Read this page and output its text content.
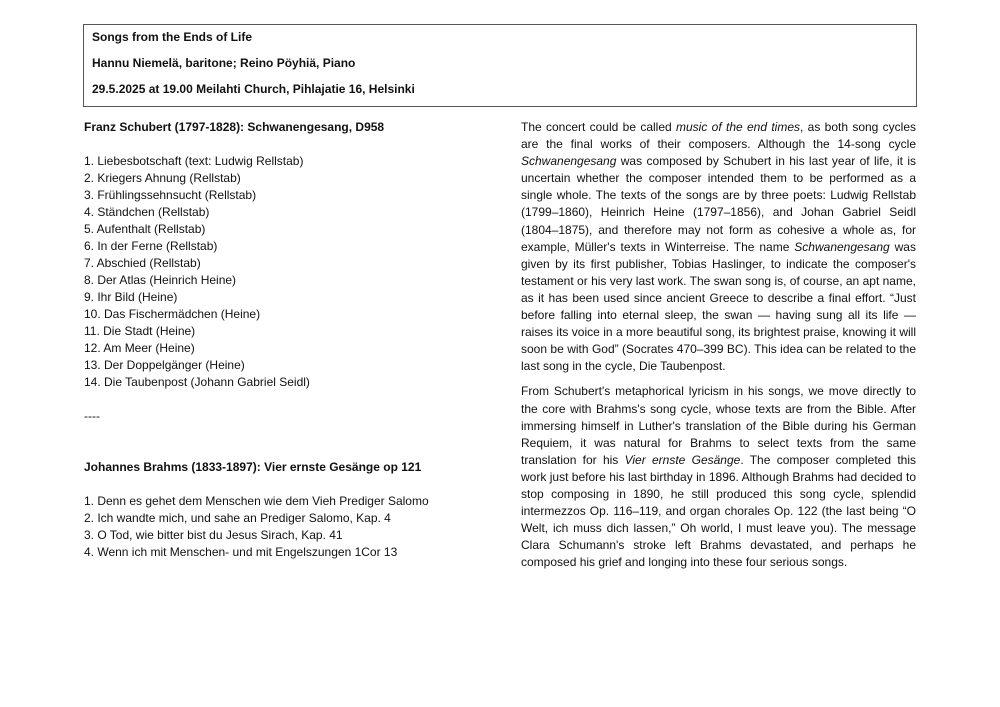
Songs from the Ends of Life
Hannu Niemelä, baritone; Reino Pöyhiä, Piano
29.5.2025 at 19.00 Meilahti Church, Pihlajatie 16, Helsinki
Franz Schubert (1797-1828): Schwanengesang, D958
1. Liebesbotschaft (text: Ludwig Rellstab)
2. Kriegers Ahnung (Rellstab)
3. Frühlingssehnsucht (Rellstab)
4. Ständchen (Rellstab)
5. Aufenthalt (Rellstab)
6. In der Ferne (Rellstab)
7. Abschied (Rellstab)
8. Der Atlas (Heinrich Heine)
9. Ihr Bild (Heine)
10. Das Fischermädchen (Heine)
11. Die Stadt (Heine)
12. Am Meer (Heine)
13. Der Doppelgänger (Heine)
14. Die Taubenpost (Johann Gabriel Seidl)
----
Johannes Brahms (1833-1897): Vier ernste Gesänge op 121
1. Denn es gehet dem Menschen wie dem Vieh Prediger Salomo
2. Ich wandte mich, und sahe an Prediger Salomo, Kap. 4
3. O Tod, wie bitter bist du Jesus Sirach, Kap. 41
4. Wenn ich mit Menschen- und mit Engelszungen 1Cor 13

The concert could be called music of the end times, as both song cycles are the final works of their composers. Although the 14-song cycle Schwanengesang was composed by Schubert in his last year of life, it is uncertain whether the composer intended them to be performed as a single whole. The texts of the songs are by three poets: Ludwig Rellstab (1799–1860), Heinrich Heine (1797–1856), and Johan Gabriel Seidl (1804–1875), and therefore may not form as cohesive a whole as, for example, Müller's texts in Winterreise. The name Schwanengesang was given by its first publisher, Tobias Haslinger, to indicate the composer's testament or his very last work. The swan song is, of course, an apt name, as it has been used since ancient Greece to describe a final effort. “Just before falling into eternal sleep, the swan — having sung all its life — raises its voice in a more beautiful song, its brightest praise, knowing it will soon be with God” (Socrates 470–399 BC). This idea can be related to the last song in the cycle, Die Taubenpost.

From Schubert's metaphorical lyricism in his songs, we move directly to the core with Brahms's song cycle, whose texts are from the Bible. After immersing himself in Luther's translation of the Bible during his German Requiem, it was natural for Brahms to select texts from the same translation for his Vier ernste Gesänge. The composer completed this work just before his last birthday in 1896. Although Brahms had decided to stop composing in 1890, he still produced this song cycle, splendid intermezzos Op. 116–119, and organ chorales Op. 122 (the last being “O Welt, ich muss dich lassen,” Oh world, I must leave you). The message Clara Schumann's stroke left Brahms devastated, and perhaps he composed his grief and longing into these four serious songs.
